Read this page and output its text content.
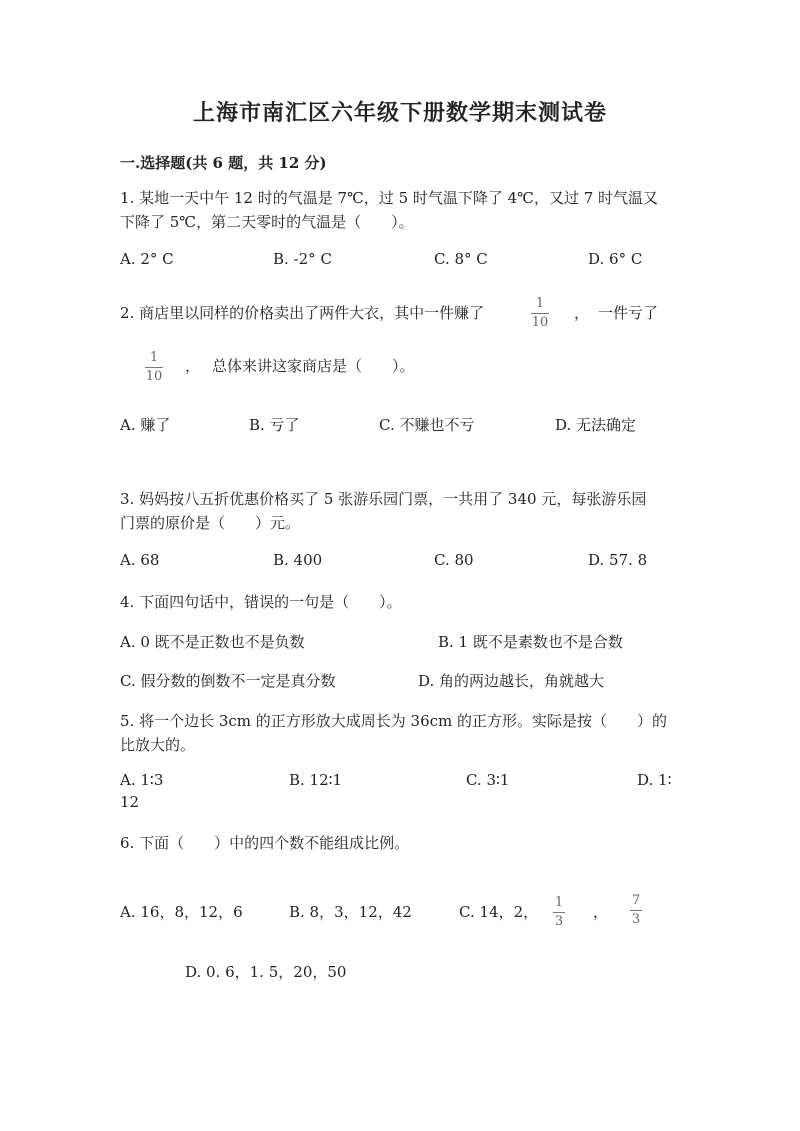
上海市南汇区六年级下册数学期末测试卷
一.选择题(共 6 题，共 12 分)
1. 某地一天中午 12 时的气温是 7℃，过 5 时气温下降了 4℃，又过 7 时气温又
下降了 5℃，第二天零时的气温是（　　）。
A. 2° C	B. -2° C	C. 8° C	D. 6° C
2. 商店里以同样的价格卖出了两件大衣，其中一件赚了
1
10
， 一件亏了
1
10
， 总体来讲这家商店是（　　）。
A. 赚了	B. 亏了	C. 不赚也不亏	D. 无法确定
3. 妈妈按八五折优惠价格买了 5 张游乐园门票，一共用了 340 元，每张游乐园
门票的原价是（　　）元。
A. 68	B. 400	C. 80	D. 57. 8
4. 下面四句话中，错误的一句是（　　）。
A. 0 既不是正数也不是负数	B. 1 既不是素数也不是合数
C. 假分数的倒数不一定是真分数	D. 角的两边越长，角就越大
5. 将一个边长 3cm 的正方形放大成周长为 36cm 的正方形。实际是按（　　）的
比放大的。
A. 1∶3	B. 12∶1	C. 3∶1	D. 1∶
12
6. 下面（　　）中的四个数不能组成比例。
A. 16，8，12，6	B. 8，3，12，42	C. 14，2，
1
3
，
7
3
D. 0. 6，1. 5，20，50
